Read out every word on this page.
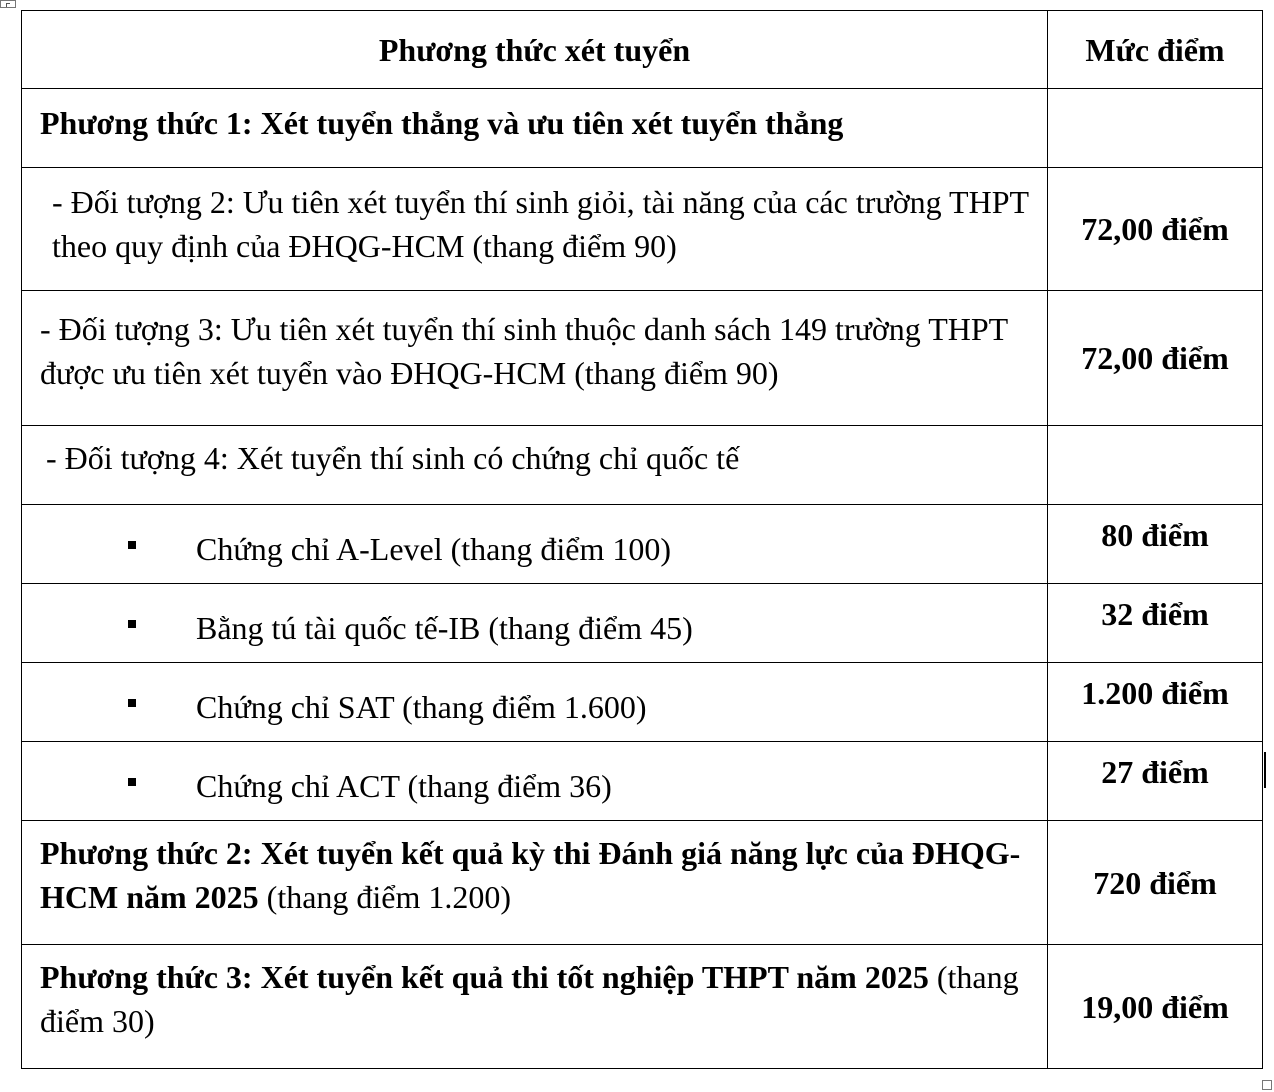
Phương thức xét tuyển	Mức điểm
Phương thức 1: Xét tuyển thẳng và ưu tiên xét tuyển thẳng	
- Đối tượng 2: Ưu tiên xét tuyển thí sinh giỏi, tài năng của các trường THPT theo quy định của ĐHQG-HCM (thang điểm 90)	72,00 điểm
- Đối tượng 3: Ưu tiên xét tuyển thí sinh thuộc danh sách 149 trường THPT được ưu tiên xét tuyển vào ĐHQG-HCM (thang điểm 90)	72,00 điểm
- Đối tượng 4: Xét tuyển thí sinh có chứng chỉ quốc tế	

Chứng chỉ A-Level (thang điểm 100)	80 điểm

Bằng tú tài quốc tế-IB (thang điểm 45)	32 điểm

Chứng chỉ SAT (thang điểm 1.600)	1.200 điểm

Chứng chỉ ACT (thang điểm 36)	27 điểm
Phương thức 2: Xét tuyển kết quả kỳ thi Đánh giá năng lực của ĐHQG-HCM năm 2025 (thang điểm 1.200)	720 điểm
Phương thức 3: Xét tuyển kết quả thi tốt nghiệp THPT năm 2025 (thang điểm 30)	19,00 điểm
